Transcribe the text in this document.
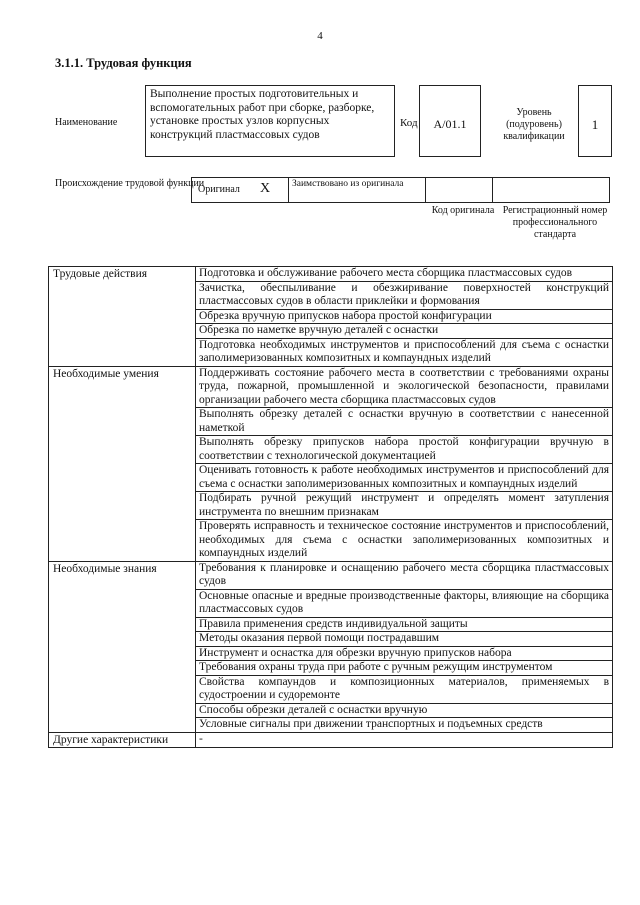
4
3.1.1. Трудовая функция
Наименование
Выполнение простых подготовительных и вспомогательных работ при сборке, разборке, установке простых узлов корпусных конструкций пластмассовых судов
Код	А/01.1
Уровень (подуровень) квалификации
1
Происхождение трудовой функции
Оригинал X	Заимствовано из оригинала
Код оригинала Регистрационный номер профессионального стандарта
Трудовые действия	Подготовка и обслуживание рабочего места сборщика пластмассовых судов
	Зачистка, обеспыливание и обезжиривание поверхностей конструкций пластмассовых судов в области приклейки и формования
	Обрезка вручную припусков набора простой конфигурации
	Обрезка по наметке вручную деталей с оснастки
	Подготовка необходимых инструментов и приспособлений для съема с оснастки заполимеризованных композитных и компаундных изделий
Необходимые умения	Поддерживать состояние рабочего места в соответствии с требованиями охраны труда, пожарной, промышленной и экологической безопасности, правилами организации рабочего места сборщика пластмассовых судов
	Выполнять обрезку деталей с оснастки вручную в соответствии с нанесенной наметкой
	Выполнять обрезку припусков набора простой конфигурации вручную в соответствии с технологической документацией
	Оценивать готовность к работе необходимых инструментов и приспособлений для съема с оснастки заполимеризованных композитных и компаундных изделий
	Подбирать ручной режущий инструмент и определять момент затупления инструмента по внешним признакам
	Проверять исправность и техническое состояние инструментов и приспособлений, необходимых для съема с оснастки заполимеризованных композитных и компаундных изделий
Необходимые знания	Требования к планировке и оснащению рабочего места сборщика пластмассовых судов
	Основные опасные и вредные производственные факторы, влияющие на сборщика пластмассовых судов
	Правила применения средств индивидуальной защиты
	Методы оказания первой помощи пострадавшим
	Инструмент и оснастка для обрезки вручную припусков набора
	Требования охраны труда при работе с ручным режущим инструментом
	Свойства компаундов и композиционных материалов, применяемых в судостроении и судоремонте
	Способы обрезки деталей с оснастки вручную
	Условные сигналы при движении транспортных и подъемных средств
Другие характеристики	-
